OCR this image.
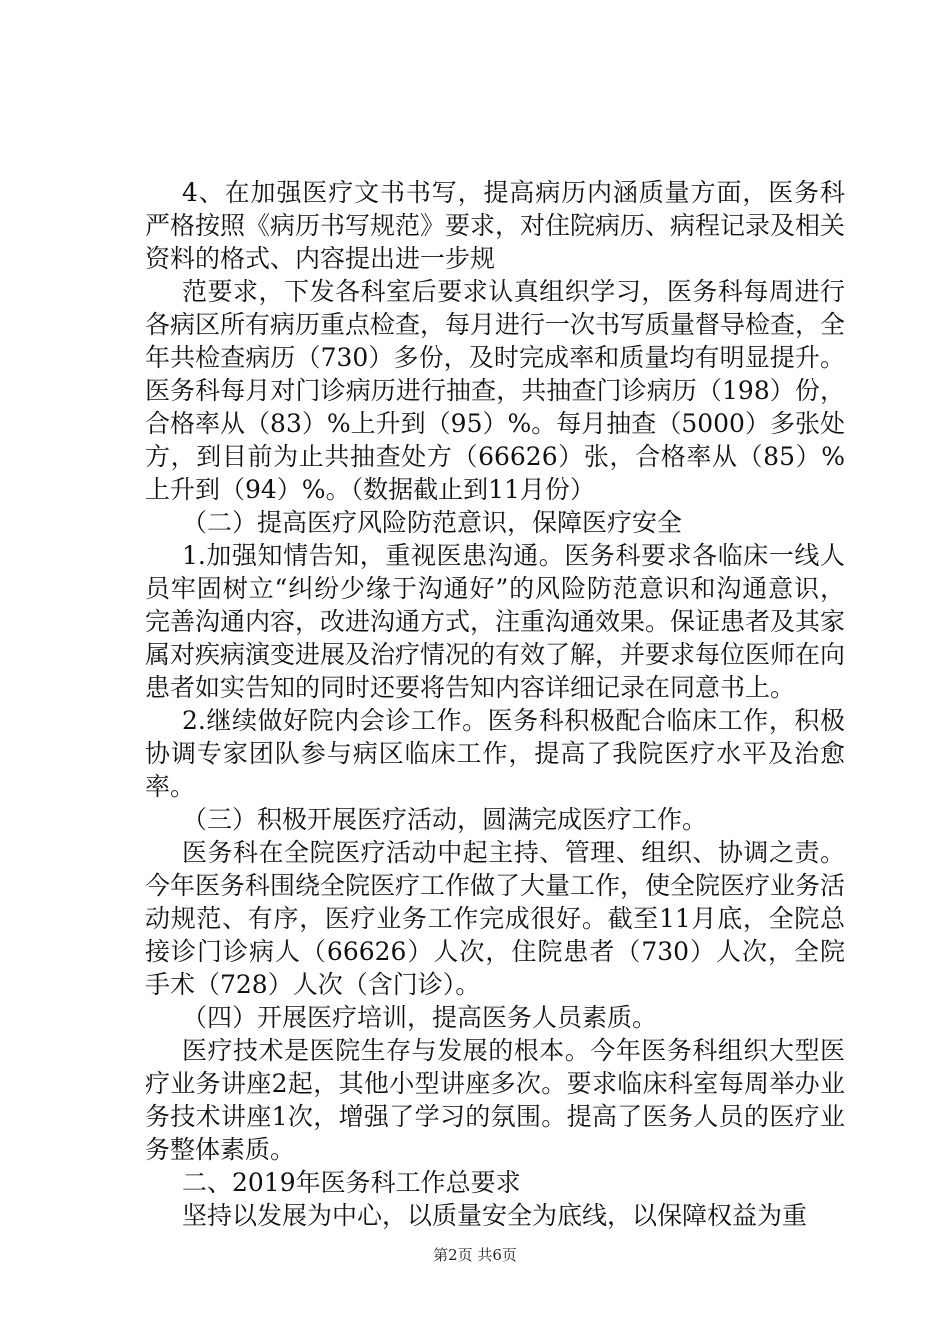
4、在加强医疗文书书写，提高病历内涵质量方面，医务科严格按照《病历书写规范》要求，对住院病历、病程记录及相关资料的格式、内容提出进一步规

范要求，下发各科室后要求认真组织学习，医务科每周进行各病区所有病历重点检查，每月进行一次书写质量督导检查，全年共检查病历（730）多份，及时完成率和质量均有明显提升。医务科每月对门诊病历进行抽查，共抽查门诊病历（198）份，合格率从（83）%上升到（95）%。每月抽查（5000）多张处方，到目前为止共抽查处方（66626）张，合格率从（85）%上升到（94）%。（数据截止到11月份）

（二）提高医疗风险防范意识，保障医疗安全

1.加强知情告知，重视医患沟通。医务科要求各临床一线人员牢固树立“纠纷少缘于沟通好”的风险防范意识和沟通意识，完善沟通内容，改进沟通方式，注重沟通效果。保证患者及其家属对疾病演变进展及治疗情况的有效了解，并要求每位医师在向患者如实告知的同时还要将告知内容详细记录在同意书上。

2.继续做好院内会诊工作。医务科积极配合临床工作，积极协调专家团队参与病区临床工作，提高了我院医疗水平及治愈率。

（三）积极开展医疗活动，圆满完成医疗工作。

医务科在全院医疗活动中起主持、管理、组织、协调之责。今年医务科围绕全院医疗工作做了大量工作，使全院医疗业务活动规范、有序，医疗业务工作完成很好。截至11月底，全院总接诊门诊病人（66626）人次，住院患者（730）人次，全院手术（728）人次（含门诊）。

（四）开展医疗培训，提高医务人员素质。

医疗技术是医院生存与发展的根本。今年医务科组织大型医疗业务讲座2起，其他小型讲座多次。要求临床科室每周举办业务技术讲座1次，增强了学习的氛围。提高了医务人员的医疗业务整体素质。

二、2019年医务科工作总要求

坚持以发展为中心，以质量安全为底线，以保障权益为重

第2页 共6页
